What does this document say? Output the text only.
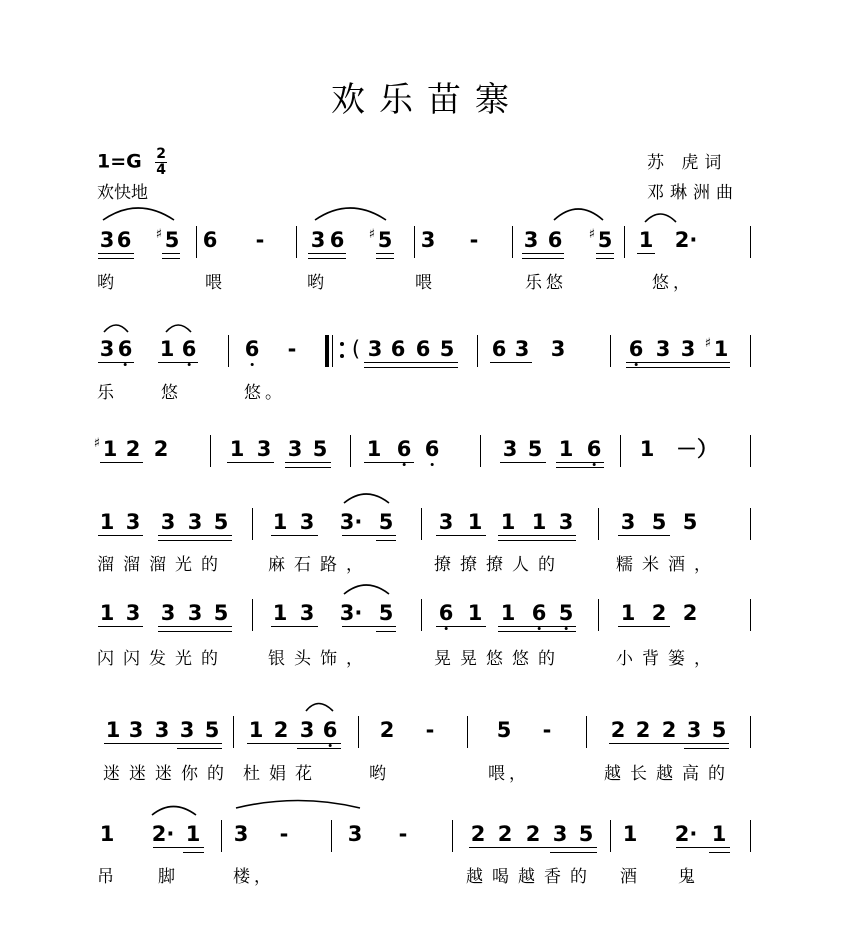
欢乐苗寨
$1=G \frac{2}{4}$
欢快地
苏 虎词
邓琳洲曲
3 6 ♯ 5 6 - 3 6 ♯ 5 3 - 3 6 ♯ 5 1 2·
3 6 1 6 6 -	3 6 6 5 6 3 3	6 3 3 ♯ 1
♯ 1 2 2	1 3 3 5 1 6 6	3 5 1 6 1 －）
1 3 3 3 5 1 3 3· 5 3 1 1 1 3 3 5 5
1 3 3 3 5 1 3 3· 5 6 1 1 6 5 1 2 2
1 3 3 3 5 1 2 3 6 2 -	5 -	2 2 2 3 5
1 2· 1 3 -	3 -	2 2 2 3 5 1 2· 1
哟	喂	哟	喂	乐悠	悠，
乐	悠	悠。
溜溜溜光的 麻石路，	撩撩撩人的	糯米酒，
闪闪发光的 银头饰，	晃晃悠悠的	小背篓，
迷迷迷你的 杜娟花	哟	喂，	越长越高的
吊 脚	楼，	越喝越香的 酒 鬼
(
